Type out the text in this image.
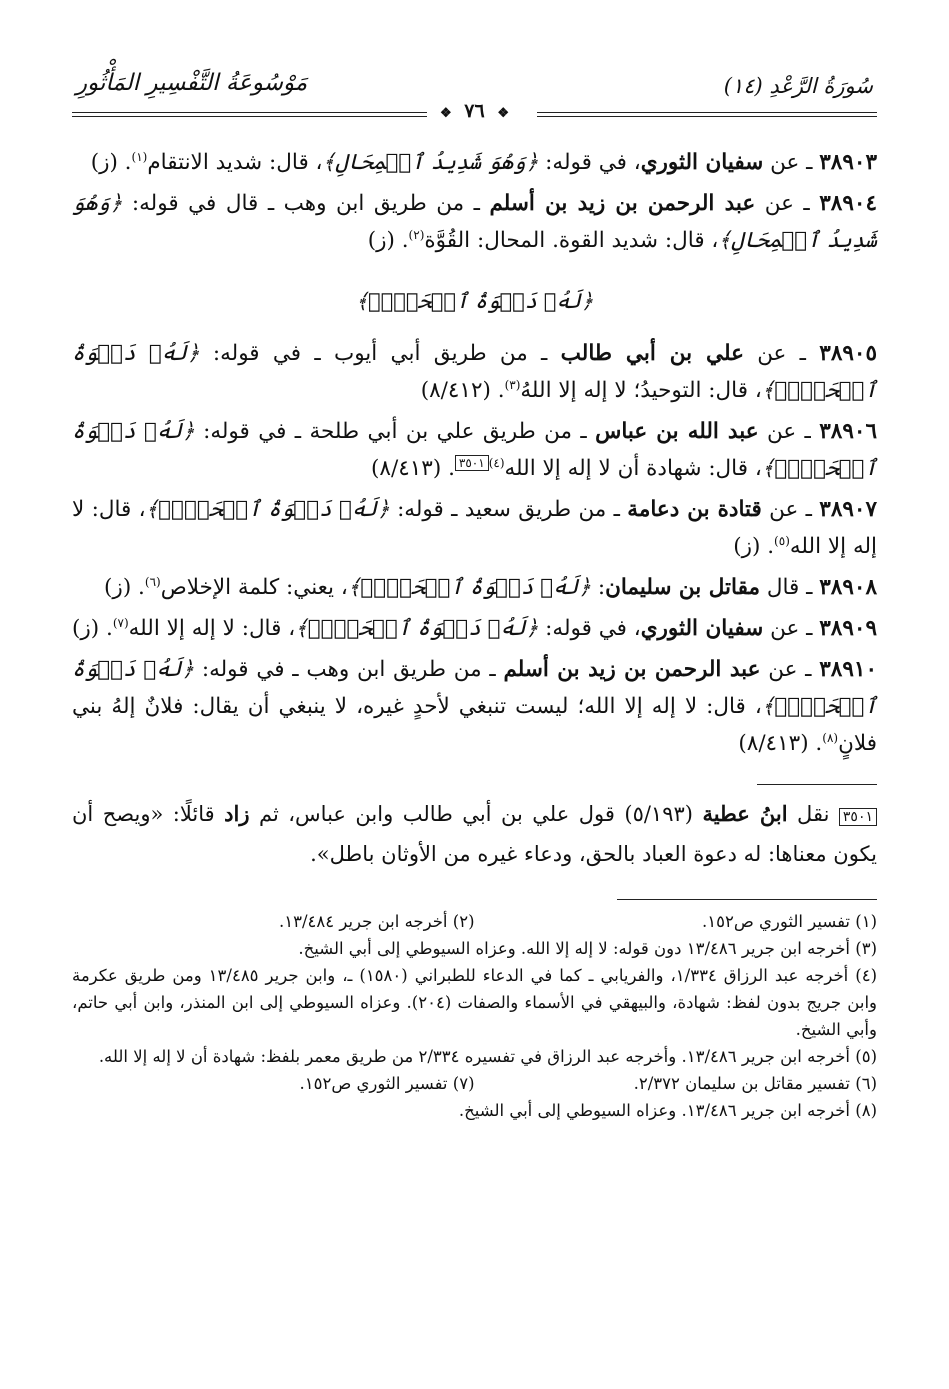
سُورَةُ الرَّعْدِ (١٤)
مَوْسُوعَةُ التَّفْسِيرِ المَأْثُورِ
❖ ٧٦ ❖
٣٨٩٠٣ ـ عن سفيان الثوري، في قوله: ﴿وَهُوَ شَدِيدُ ٱلۡمِحَالِ﴾، قال: شديد الانتقام$^{(١)}$. (ز)
٣٨٩٠٤ ـ عن عبد الرحمن بن زيد بن أسلم ـ من طريق ابن وهب ـ قال في قوله: ﴿وَهُوَ شَدِيدُ ٱلۡمِحَالِ﴾، قال: شديد القوة. المحال: القُوَّة$^{(٢)}$. (ز)
﴿لَهُۥ دَعۡوَةُ ٱلۡحَقِّۖ﴾
٣٨٩٠٥ ـ عن علي بن أبي طالب ـ من طريق أبي أيوب ـ في قوله: ﴿لَهُۥ دَعۡوَةُ ٱلۡحَقِّۖ﴾، قال: التوحيدُ؛ لا إله إلا اللهُ$^{(٣)}$. (٨/٤١٢)
٣٨٩٠٦ ـ عن عبد الله بن عباس ـ من طريق علي بن أبي طلحة ـ في قوله: ﴿لَهُۥ دَعۡوَةُ ٱلۡحَقِّۖ﴾، قال: شهادة أن لا إله إلا الله$^{(٤)٣٥٠١}$. (٨/٤١٣)
٣٨٩٠٧ ـ عن قتادة بن دعامة ـ من طريق سعيد ـ قوله: ﴿لَهُۥ دَعۡوَةُ ٱلۡحَقِّۖ﴾، قال: لا إله إلا الله$^{(٥)}$. (ز)
٣٨٩٠٨ ـ قال مقاتل بن سليمان: ﴿لَهُۥ دَعۡوَةُ ٱلۡحَقِّۖ﴾، يعني: كلمة الإخلاص$^{(٦)}$. (ز)
٣٨٩٠٩ ـ عن سفيان الثوري، في قوله: ﴿لَهُۥ دَعۡوَةُ ٱلۡحَقِّۖ﴾، قال: لا إله إلا الله$^{(٧)}$. (ز)
٣٨٩١٠ ـ عن عبد الرحمن بن زيد بن أسلم ـ من طريق ابن وهب ـ في قوله: ﴿لَهُۥ دَعۡوَةُ ٱلۡحَقِّۖ﴾، قال: لا إله إلا الله؛ ليست تنبغي لأحدٍ غيره، لا ينبغي أن يقال: فلانٌ إلهُ بني فلانٍ$^{(٨)}$. (٨/٤١٣)
٣٥٠١ نقل ابنُ عطية (٥/١٩٣) قول علي بن أبي طالب وابن عباس، ثم زاد قائلًا: «ويصح أن يكون معناها: له دعوة العباد بالحق، ودعاء غيره من الأوثان باطل».
(١) تفسير الثوري ص١٥٢.
(٢) أخرجه ابن جرير ١٣/٤٨٤.
(٣) أخرجه ابن جرير ١٣/٤٨٦ دون قوله: لا إله إلا الله. وعزاه السيوطي إلى أبي الشيخ.
(٤) أخرجه عبد الرزاق ١/٣٣٤، والفريابي ـ كما في الدعاء للطبراني (١٥٨٠) ـ، وابن جرير ١٣/٤٨٥ ومن طريق عكرمة وابن جريج بدون لفظ: شهادة، والبيهقي في الأسماء والصفات (٢٠٤). وعزاه السيوطي إلى ابن المنذر، وابن أبي حاتم، وأبي الشيخ.
(٥) أخرجه ابن جرير ١٣/٤٨٦. وأخرجه عبد الرزاق في تفسيره ٢/٣٣٤ من طريق معمر بلفظ: شهادة أن لا إله إلا الله.
(٦) تفسير مقاتل بن سليمان ٢/٣٧٢.
(٧) تفسير الثوري ص١٥٢.
(٨) أخرجه ابن جرير ١٣/٤٨٦. وعزاه السيوطي إلى أبي الشيخ.
